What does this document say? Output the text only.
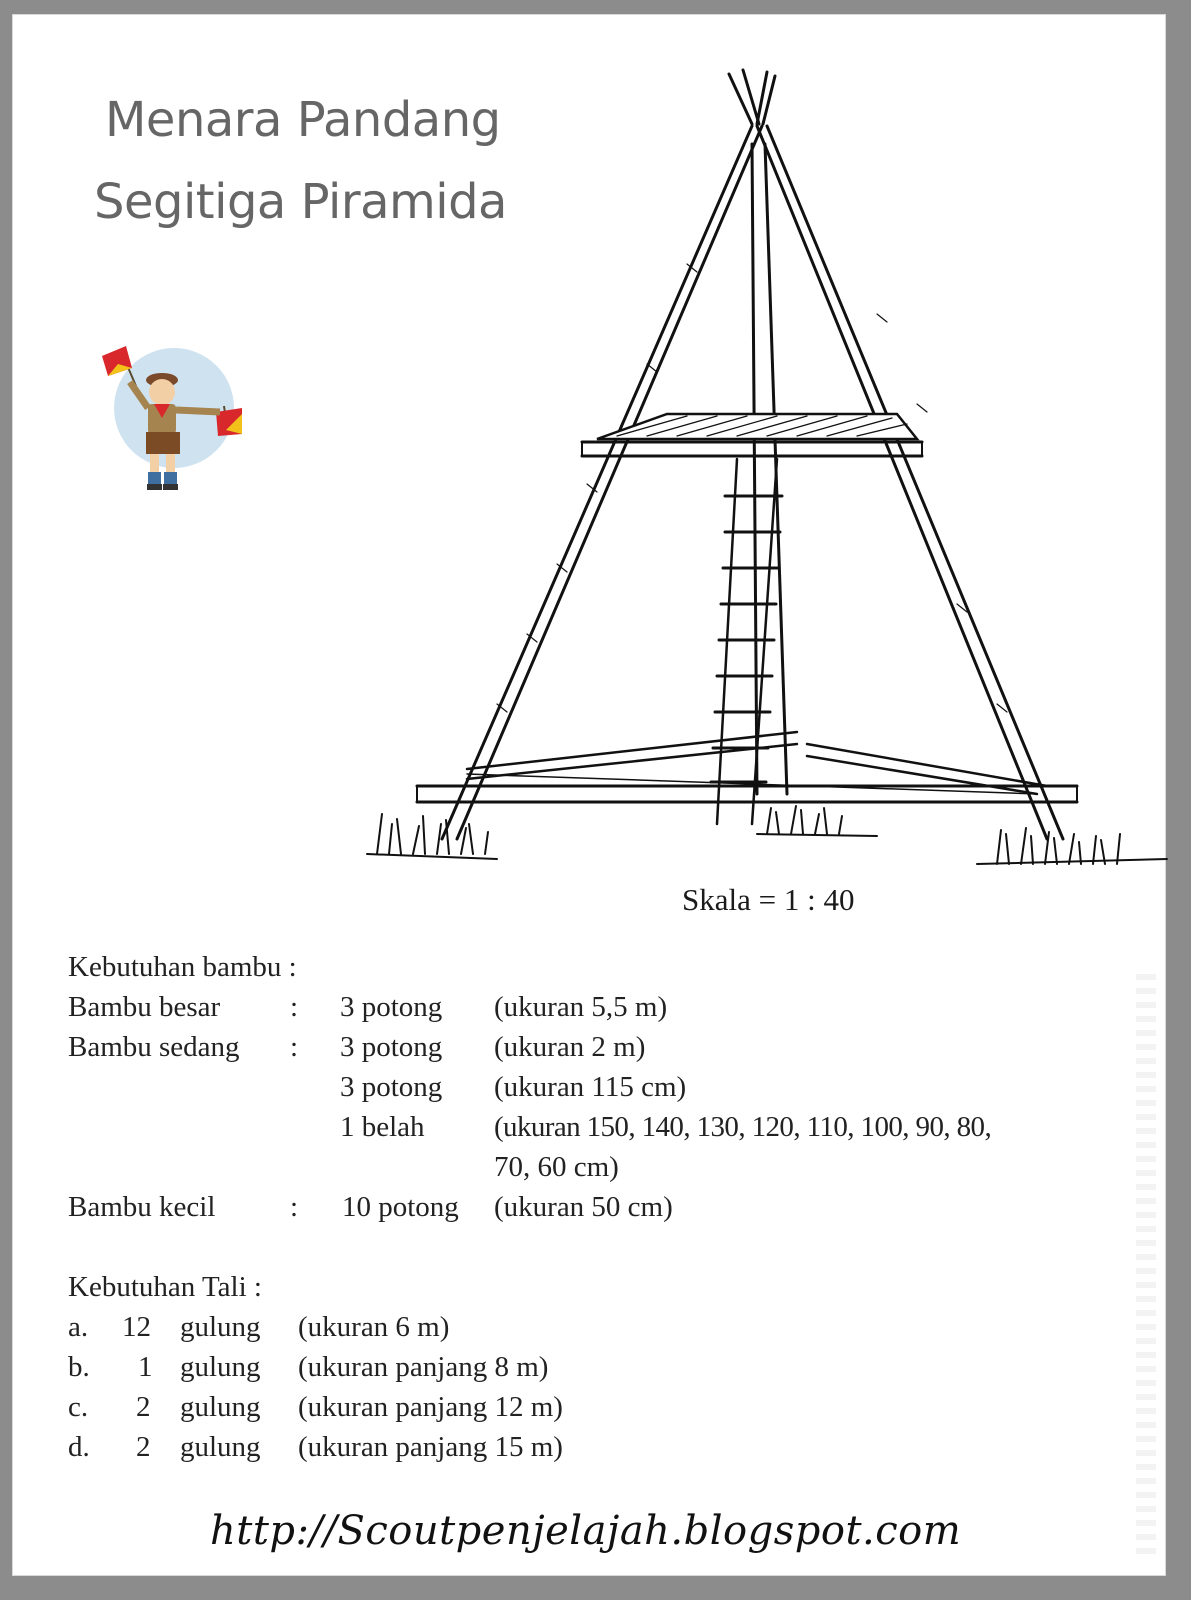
Menara Pandang
Segitiga Piramida
Skala = 1 : 40
Kebutuhan bambu :
Bambu besar : 3 potong (ukuran 5,5 m)
Bambu sedang : 3 potong (ukuran 2 m)
3 potong (ukuran 115 cm)
1 belah (ukuran 150, 140, 130, 120, 110, 100, 90, 80,
70, 60 cm)
Bambu kecil	: 10 potong (ukuran 50 cm)
Kebutuhan Tali :
a. 12 gulung (ukuran 6 m)
b. 1 gulung (ukuran panjang 8 m)
c. 2 gulung (ukuran panjang 12 m)
d. 2 gulung (ukuran panjang 15 m)
http://Scoutpenjelajah.blogspot.com
